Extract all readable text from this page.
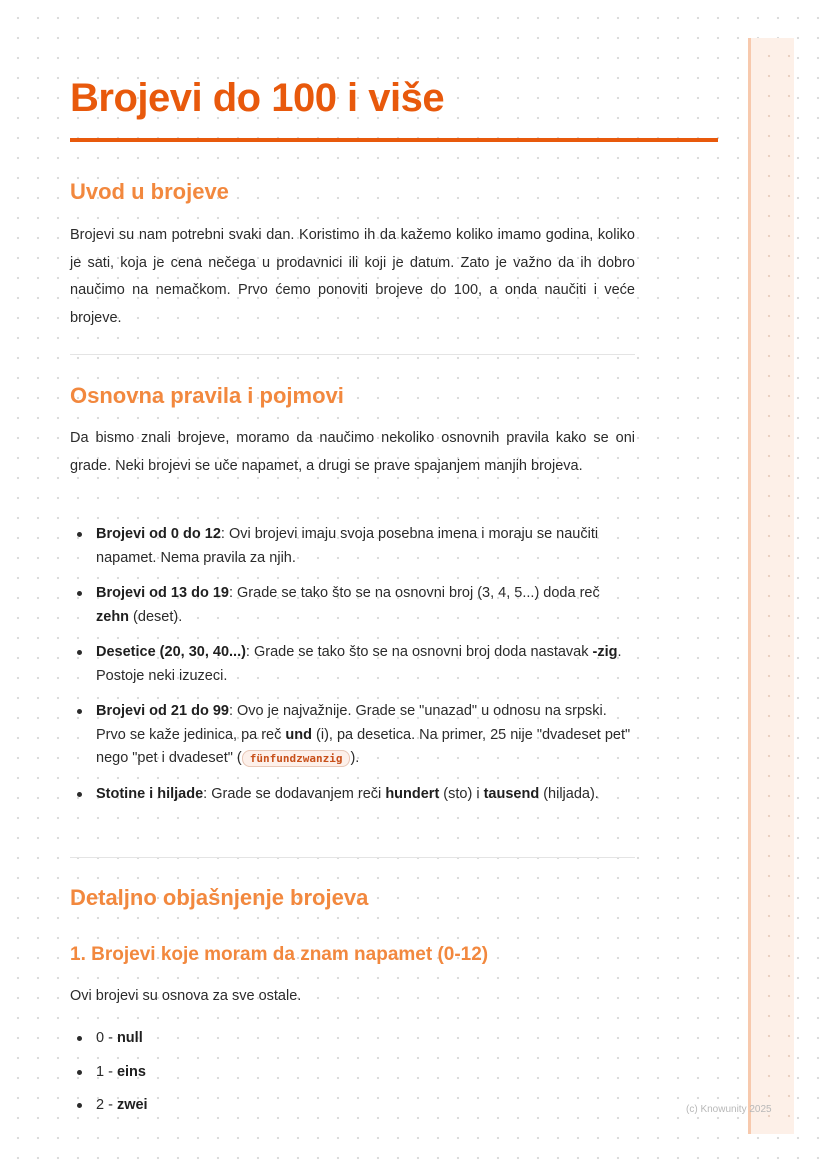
Brojevi do 100 i više
Uvod u brojeve

Brojevi su nam potrebni svaki dan. Koristimo ih da kažemo koliko imamo godina, koliko je sati, koja je cena nečega u prodavnici ili koji je datum. Zato je važno da ih dobro naučimo na nemačkom. Prvo ćemo ponoviti brojeve do 100, a onda naučiti i veće brojeve.

Osnovna pravila i pojmovi

Da bismo znali brojeve, moramo da naučimo nekoliko osnovnih pravila kako se oni grade. Neki brojevi se uče napamet, a drugi se prave spajanjem manjih brojeva.

Brojevi od 0 do 12: Ovi brojevi imaju svoja posebna imena i moraju se naučiti napamet. Nema pravila za njih.
Brojevi od 13 do 19: Grade se tako što se na osnovni broj (3, 4, 5...) doda reč zehn (deset).
Desetice (20, 30, 40...): Grade se tako što se na osnovni broj doda nastavak -zig. Postoje neki izuzeci.
Brojevi od 21 do 99: Ovo je najvažnije. Grade se "unazad" u odnosu na srpski. Prvo se kaže jedinica, pa reč und (i), pa desetica. Na primer, 25 nije "dvadeset pet" nego "pet i dvadeset" ( fünfundzwanzig ).
Stotine i hiljade: Grade se dodavanjem reči hundert (sto) i tausend (hiljada).
Detaljno objašnjenje brojeva
1. Brojevi koje moram da znam napamet (0-12)

Ovi brojevi su osnova za sve ostale.

0 - null
1 - eins
2 - zwei	(c) Knowunity 2025
